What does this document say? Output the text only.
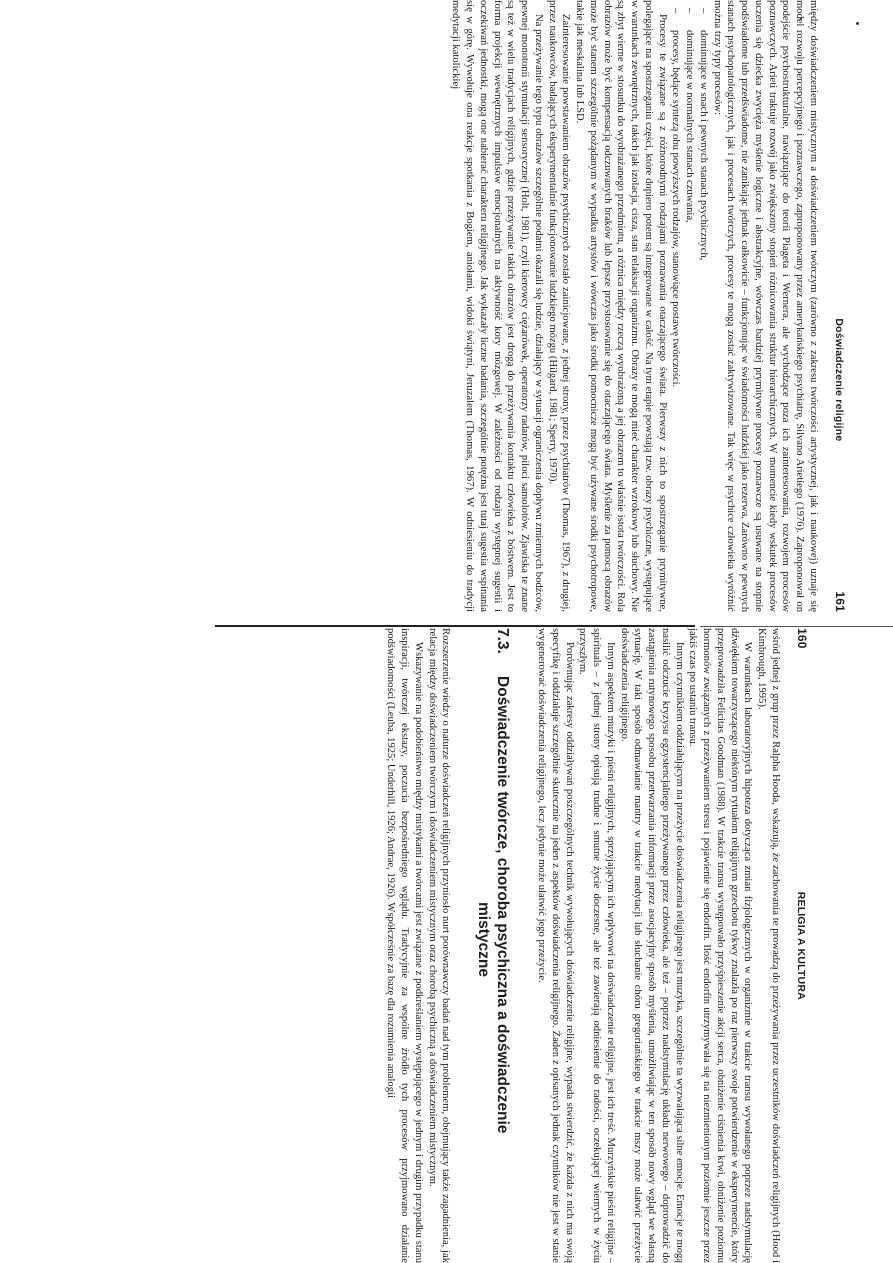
160
RELIGIA A KULTURA

wśród jednej z grup przez Ralpha Hooda, wskazują, że zachowania te prowadzą do przeżywania przez uczestników doświadczeń religijnych (Hood i Kimbrough, 1995).

W warunkach laboratoryjnych hipoteza dotycząca zmian fizjologicznych w organizmie w trakcie transu wywołanego poprzez nadstymulację dźwiękiem towarzyszącego niektórym rytuałom religijnym grzechotu tykwy znalazła po raz pierwszy swoje potwierdzenie w eksperymencie, który przeprowadziła Felicitas Goodman (1988). W trakcie transu występowało przyśpieszenie akcji serca, obniżenie ciśnienia krwi, obniżenie poziomu hormonów związanych z przeżywaniem stresu i pojawienie się endorfin. Ilość endorfin utrzymywała się na niezmienionym poziomie jeszcze przez jakiś czas po ustaniu transu.

Innym czynnikiem oddziałującym na przeżycie doświadczenia religijnego jest muzyka, szczególnie ta wyzwalająca silne emocje. Emocje te mogą nasilić odczucie kryzysu egzystencjalnego przeżywanego przez człowieka, ale też – poprzez nadstymulację układu nerwowego – doprowadzić do zastąpienia rutynowego sposobu przetwarzania informacji przez asocjacyjny sposób myślenia, umożliwiając w ten sposób nowy wgląd we własną sytuację. W taki sposób odmawianie mantry w trakcie medytacji lub słuchanie chóru gregoriańskiego w trakcie mszy może ułatwić przeżycie doświadczenia religijnego.

Innym aspektem muzyki i pieśni religijnych, sprzyjającym ich wpływowi na doświadczenie religijne, jest ich treść. Murzyńskie pieśni religijne – spirituals – z jednej strony opisują trudne i smutne życie doczesne, ale też zawierają odniesienie do radości, oczekującej wiernych w życiu przyszłym.

Porównując zakresy oddziaływań poszczególnych technik wywołujących doświadczenie religijne, wypada stwierdzić, że każda z nich ma swoją specyfikę i oddziałuje szczególnie skutecznie na jeden z aspektów doświadczenia religijnego. Żaden z opisanych jednak czynników nie jest w stanie wygenerować doświadczenia religijnego, lecz jedynie może ułatwić jego przeżycie.

7.3.
Doświadczenie twórcze, choroba psychiczna a doświadczenie
mistyczne

Rozszerzenie wiedzy o naturze doświadczeń religijnych przyniosło nurt porównawczy badań nad tym problemem, obejmujący także zagadnienia, jak relacja między doświadczeniem twórczym i doświadczeniem mistycznym oraz chorobą psychiczną a doświadczeniem mistycznym.

Wskazywanie na podobieństwo między mistykami a twórcami jest związane z podkreślaniem występującego w jednym i drugim przypadku stanu inspiracji, twórczej ekstazy, poczucia bezpośredniego wglądu. Tradycyjnie za wspólne źródło tych procesów przyjmowano działanie podświadomości (Leuba, 1925; Underhill, 1926; Andrae, 1926). Współcześnie za bazę dla rozumienia analogii

Doświadczenie religijne
161

między doświadczeniem mistycznym a doświadczeniem twórczym (zarówno z zakresu twórczości artystycznej, jak i naukowej) uznaje się model rozwoju percepcyjnego i poznawczego, zaproponowany przez amerykańskiego psychiatrę, Silvano Arietiego (1976). Zaproponował on podejście psychostrukturalne, nawiązujące do teorii Piageta i Wernera, ale wychodzące poza ich zainteresowania, rozwojem procesów poznawczych. Arieti traktuje rozwój jako zwiększony stopień różnicowania struktur hierarchicznych. W momencie kiedy wskutek procesów uczenia się dziecka zwycięża myślenie logiczne i abstrakcyjne, wówczas bardziej prymitywne procesy poznawcze są usuwane na stopnie podświadome lub przedświadome, nie zanikając jednak całkowicie – funkcjonując w świadomości ludzkiej jako rezerwa. Zarówno w pewnych stanach psychopatologicznych, jak i procesach twórczych, procesy te mogą zostać zaktywizowane. Tak więc w psychice człowieka wyróżnić można trzy typy procesów:

– dominujące w snach i pewnych stanach psychicznych,
– dominujące w normalnych stanach czuwania,
– procesy, będące syntezą obu powyższych rodzajów, stanowiące postawę twórczości.

Procesy te związane są z różnorodnymi rodzajami poznawania otaczającego świata. Pierwszy z nich to spostrzeganie prymitywne, polegające na spostrzeganiu części, które dopiero potem są integrowane w całość. Na tym etapie powstają tzw. obrazy psychiczne, występujące w warunkach zewnętrznych, takich jak izolacja, cisza, stan relaksacji organizmu. Obrazy te mogą mieć charakter wzrokowy lub słuchowy. Nie są zbyt wierne w stosunku do wyobrażanego przedmiotu, a różnica między rzeczą wyobrażoną a jej obrazem to właśnie istota twórczości. Rola obrazów może być kompensacją odczuwanych braków lub lepsze przystosowanie się do otaczającego świata. Myślenie za pomocą obrazów może być stanem szczególnie pożądanym w wypadku artystów i wówczas jako środki pomocnicze mogą być używane środki psychotropowe, takie jak meskalina lub LSD.

Zainteresowanie powstawaniem obrazów psychicznych zostało zainicjowane, z jednej strony, przez psychiatrów (Thomas, 1967), z drugiej, przez naukowców, badających eksperymentalnie funkcjonowanie ludzkiego mózgu (Hilgard, 1981; Sperry, 1970).

Na przeżywanie tego typu obrazów szczególnie podatni okazali się ludzie, działający w sytuacji ograniczenia dopływu zmiennych bodźców, pewnej monotonii stymulacji sensorycznej (Holt, 1981), czyli kierowcy ciężarówek, operatorzy radarów, piloci samolotów. Zjawiska te znane są też w wielu tradycjach religijnych, gdzie przeżywanie takich obrazów jest drogą do przeżywania kontaktu człowieka z bóstwem. Jest to forma projekcji wewnętrznych impulsów emocjonalnych na aktywność kory mózgowej. W zależności od rodzaju występnej sugestii i oczekiwań jednostki, mogą one nabierać charakteru religijnego. Jak wykazały liczne badania, szczególnie potężna jest tutaj sugestia wspinania się w górę. Wywołuje ona reakcje spotkania z Bogiem, aniołami, widoki świątyni, Jeruzalem (Thomas, 1967). W odniesieniu do tradycji medytacji katolickiej
